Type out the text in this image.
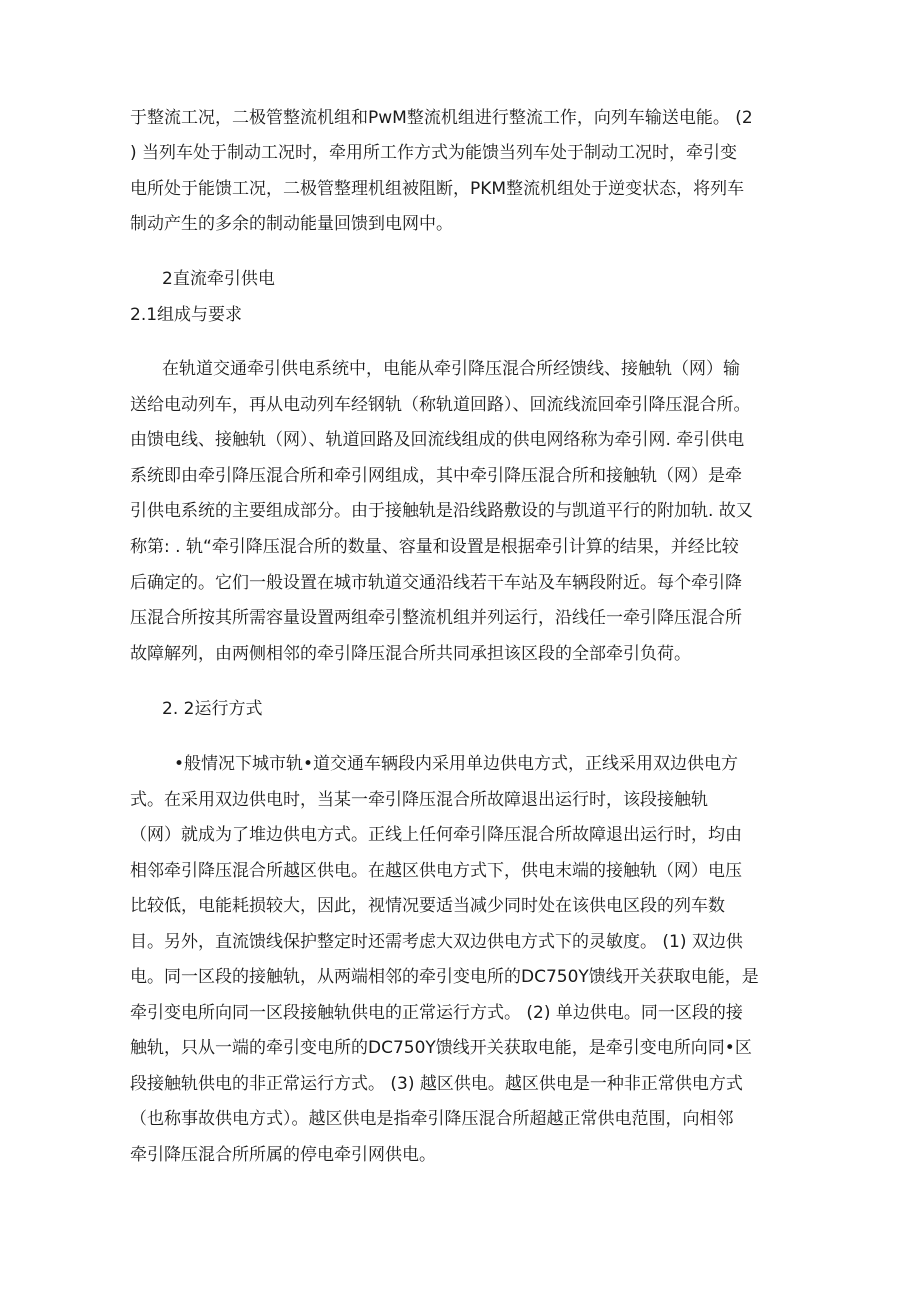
于整流工况，二极管整流机组和PwM整流机组进行整流工作，向列车输送电能。 (2
) 当列车处于制动工况时，牵用所工作方式为能馈当列车处于制动工况时，牵引变
电所处于能馈工况，二极管整理机组被阻断，PKM整流机组处于逆变状态，将列车
制动产生的多余的制动能量回馈到电网中。
2直流牵引供电
2.1组成与要求
在轨道交通牵引供电系统中，电能从牵引降压混合所经馈线、接触轨（网）输
送给电动列车，再从电动列车经钢轨（称轨道回路）、回流线流回牵引降压混合所。
由馈电线、接触轨（网）、轨道回路及回流线组成的供电网络称为牵引网. 牵引供电
系统即由牵引降压混合所和牵引网组成，其中牵引降压混合所和接触轨（网）是牵
引供电系统的主要组成部分。由于接触轨是沿线路敷设的与凯道平行的附加轨. 故又
称第: . 轨“牵引降压混合所的数量、容量和设置是根据牵引计算的结果，并经比较
后确定的。它们一般设置在城市轨道交通沿线若干车站及车辆段附近。每个牵引降
压混合所按其所需容量设置两组牵引整流机组并列运行，沿线任一牵引降压混合所
故障解列，由两侧相邻的牵引降压混合所共同承担该区段的全部牵引负荷。
2. 2运行方式
•般情况下城市轨•道交通车辆段内采用单边供电方式，正线采用双边供电方
式。在采用双边供电时，当某一牵引降压混合所故障退出运行时，该段接触轨
（网）就成为了堆边供电方式。正线上任何牵引降压混合所故障退出运行时，均由
相邻牵引降压混合所越区供电。在越区供电方式下，供电末端的接触轨（网）电压
比较低，电能耗损较大，因此，视情况要适当减少同时处在该供电区段的列车数
目。另外，直流馈线保护整定时还需考虑大双边供电方式下的灵敏度。 (1) 双边供
电。同一区段的接触轨，从两端相邻的牵引变电所的DC750Y馈线开关获取电能，是
牵引变电所向同一区段接触轨供电的正常运行方式。 (2) 单边供电。同一区段的接
触轨，只从一端的牵引变电所的DC750Y馈线开关获取电能，是牵引变电所向同•区
段接触轨供电的非正常运行方式。 (3) 越区供电。越区供电是一种非正常供电方式
（也称事故供电方式）。越区供电是指牵引降压混合所超越正常供电范围，向相邻
牵引降压混合所所属的停电牵引网供电。
